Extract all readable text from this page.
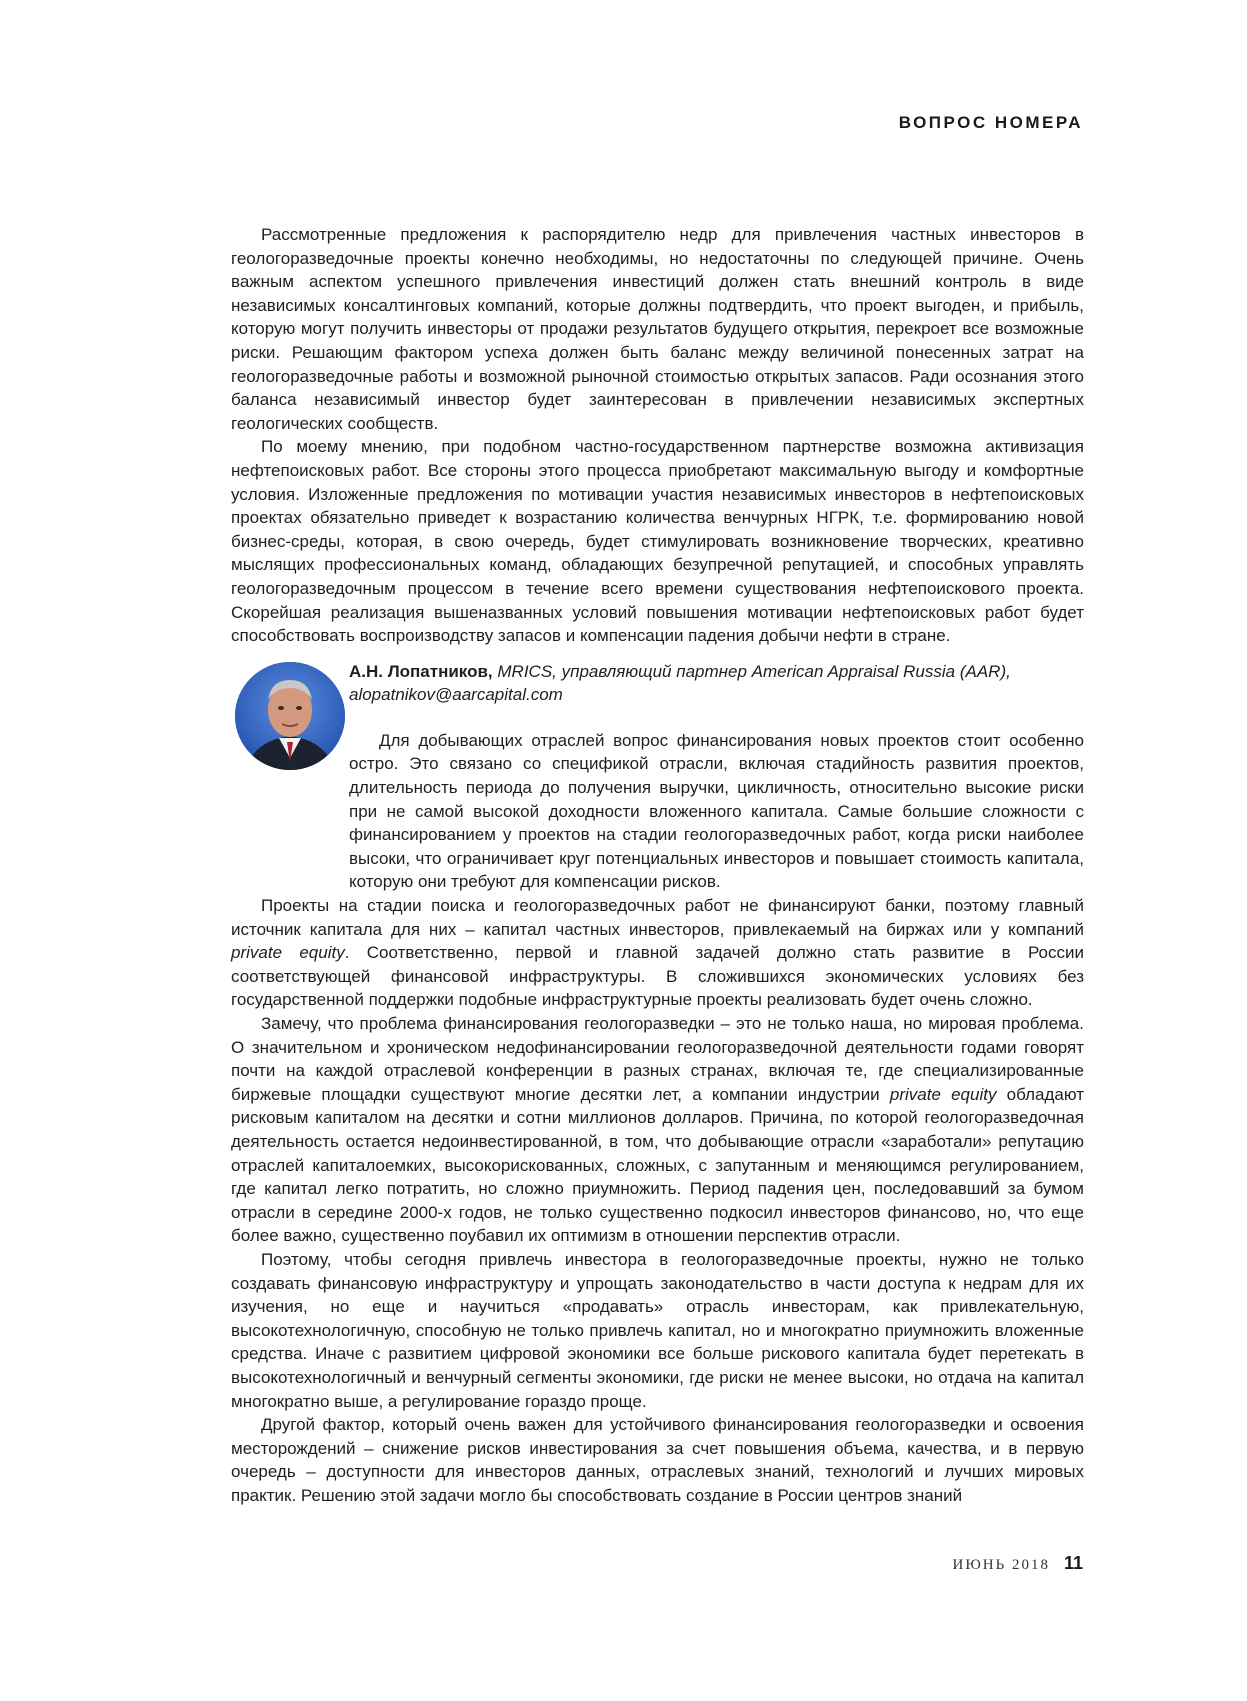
ВОПРОС НОМЕРА

Рассмотренные предложения к распорядителю недр для привлечения частных инвесторов в геологоразведочные проекты конечно необходимы, но недостаточны по следующей причине. Очень важным аспектом успешного привлечения инвестиций должен стать внешний контроль в виде независимых консалтинговых компаний, которые должны подтвердить, что проект выгоден, и прибыль, которую могут получить инвесторы от продажи результатов будущего открытия, перекроет все возможные риски. Решающим фактором успеха должен быть баланс между величиной понесенных затрат на геологоразведочные работы и возможной рыночной стоимостью открытых запасов. Ради осознания этого баланса независимый инвестор будет заинтересован в привлечении независимых экспертных геологических сообществ.

По моему мнению, при подобном частно-государственном партнерстве возможна активизация нефтепоисковых работ. Все стороны этого процесса приобретают максимальную выгоду и комфортные условия. Изложенные предложения по мотивации участия независимых инвесторов в нефтепоисковых проектах обязательно приведет к возрастанию количества венчурных НГРК, т.е. формированию новой бизнес-среды, которая, в свою очередь, будет стимулировать возникновение творческих, креативно мыслящих профессиональных команд, обладающих безупречной репутацией, и способных управлять геологоразведочным процессом в течение всего времени существования нефтепоискового проекта. Скорейшая реализация вышеназванных условий повышения мотивации нефтепоисковых работ будет способствовать воспроизводству запасов и компенсации падения добычи нефти в стране.

А.Н. Лопатников, MRICS, управляющий партнер American Appraisal Russia (AAR),
alopatnikov@aarcapital.com

Для добывающих отраслей вопрос финансирования новых проектов стоит особенно остро. Это связано со спецификой отрасли, включая стадийность развития проектов, длительность периода до получения выручки, цикличность, относительно высокие риски при не самой высокой доходности вложенного капитала. Самые большие сложности с финансированием у проектов на стадии геологоразведочных работ, когда риски наиболее высоки, что ограничивает круг потенциальных инвесторов и повышает стоимость капитала, которую они требуют для компенсации рисков.

Проекты на стадии поиска и геологоразведочных работ не финансируют банки, поэтому главный источник капитала для них – капитал частных инвесторов, привлекаемый на биржах или у компаний private equity. Соответственно, первой и главной задачей должно стать развитие в России соответствующей финансовой инфраструктуры. В сложившихся экономических условиях без государственной поддержки подобные инфраструктурные проекты реализовать будет очень сложно.

Замечу, что проблема финансирования геологоразведки – это не только наша, но мировая проблема. О значительном и хроническом недофинансировании геологоразведочной деятельности годами говорят почти на каждой отраслевой конференции в разных странах, включая те, где специализированные биржевые площадки существуют многие десятки лет, а компании индустрии private equity обладают рисковым капиталом на десятки и сотни миллионов долларов. Причина, по которой геологоразведочная деятельность остается недоинвестированной, в том, что добывающие отрасли «заработали» репутацию отраслей капиталоемких, высокорискованных, сложных, с запутанным и меняющимся регулированием, где капитал легко потратить, но сложно приумножить. Период падения цен, последовавший за бумом отрасли в середине 2000-х годов, не только существенно подкосил инвесторов финансово, но, что еще более важно, существенно поубавил их оптимизм в отношении перспектив отрасли.

Поэтому, чтобы сегодня привлечь инвестора в геологоразведочные проекты, нужно не только создавать финансовую инфраструктуру и упрощать законодательство в части доступа к недрам для их изучения, но еще и научиться «продавать» отрасль инвесторам, как привлекательную, высокотехнологичную, способную не только привлечь капитал, но и многократно приумножить вложенные средства. Иначе с развитием цифровой экономики все больше рискового капитала будет перетекать в высокотехнологичный и венчурный сегменты экономики, где риски не менее высоки, но отдача на капитал многократно выше, а регулирование гораздо проще.

Другой фактор, который очень важен для устойчивого финансирования геологоразведки и освоения месторождений – снижение рисков инвестирования за счет повышения объема, качества, и в первую очередь – доступности для инвесторов данных, отраслевых знаний, технологий и лучших мировых практик. Решению этой задачи могло бы способствовать создание в России центров знаний

ИЮНЬ 2018 11
